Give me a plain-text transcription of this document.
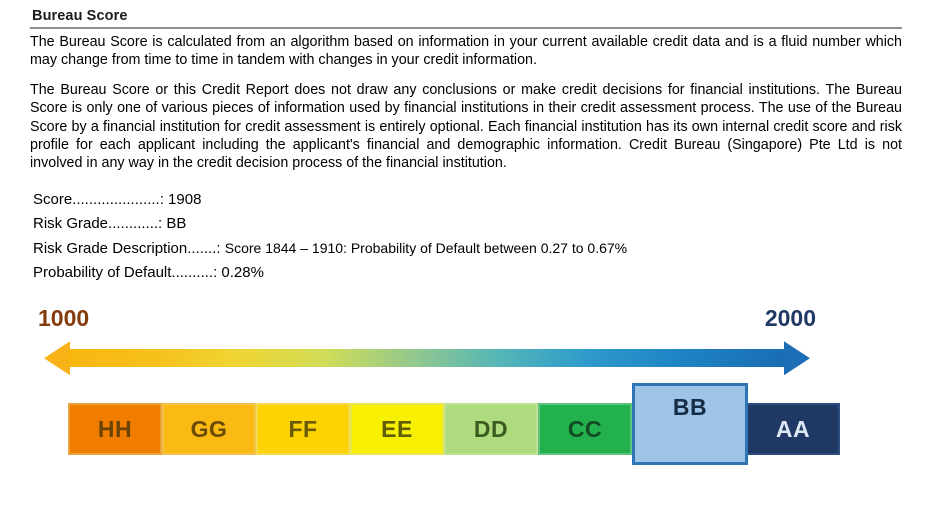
Bureau Score

The Bureau Score is calculated from an algorithm based on information in your current available credit data and is a fluid number which may change from time to time in tandem with changes in your credit information.

The Bureau Score or this Credit Report does not draw any conclusions or make credit decisions for financial institutions. The Bureau Score is only one of various pieces of information used by financial institutions in their credit assessment process. The use of the Bureau Score by a financial institution for credit assessment is entirely optional. Each financial institution has its own internal credit score and risk profile for each applicant including the applicant's financial and demographic information. Credit Bureau (Singapore) Pte Ltd is not involved in any way in the credit decision process of the financial institution.

Score.....................: 1908
Risk Grade............: BB
Risk Grade Description.......: Score 1844 – 1910: Probability of Default between 0.27 to 0.67%
Probability of Default..........: 0.28%
1000	2000
HH	GG	FF	EE	DD	CC	AA
BB
